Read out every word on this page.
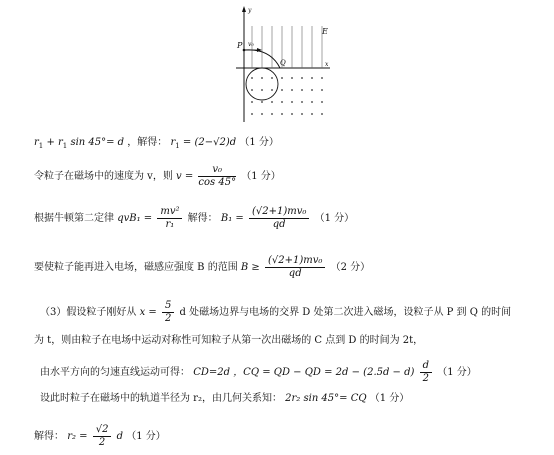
P v₀
Q
E
x
y
$r_1 + r_1$ sin 45°= d ，解得： $r_1 = (2-√2)d$ （1 分）
令粒子在磁场中的速度为 v，则 $v = \frac{\text{v₀}}{\cos 45^\circ} (1$ 分）
根据牛顿第二定律 $qvB_1 = \frac{\text{mv²}}{\text{r₁}}$ 解得： $B_1 = \frac{\text{(√2+1)mv₀}}{qd} (1$ 分）
要使粒子能再进入电场，磁感应强度 B 的范围 $B \ge \frac{\text{(√2+1)mv₀}}{qd} (2$ 分）
（3）假设粒子刚好从 $x = \frac{5}{2}$ d 处磁场边界与电场的交界 D 处第二次进入磁场，设粒子从 P 到 Q 的时间
为 t，则由粒子在电场中运动对称性可知粒子从第一次出磁场的 C 点到 D 的时间为 2t，
由水平方向的匀速直线运动可得： CD=2d ，CQ = QD − QD = $2d - (2.5d - d) \frac{d}{2} (1$ 分）
设此时粒子在磁场中的轨道半径为 r₂，由几何关系知： 2r₂ sin 45°= CQ （1 分）
解得： $r_2 = \frac{√2}{2}$ d （1 分）
